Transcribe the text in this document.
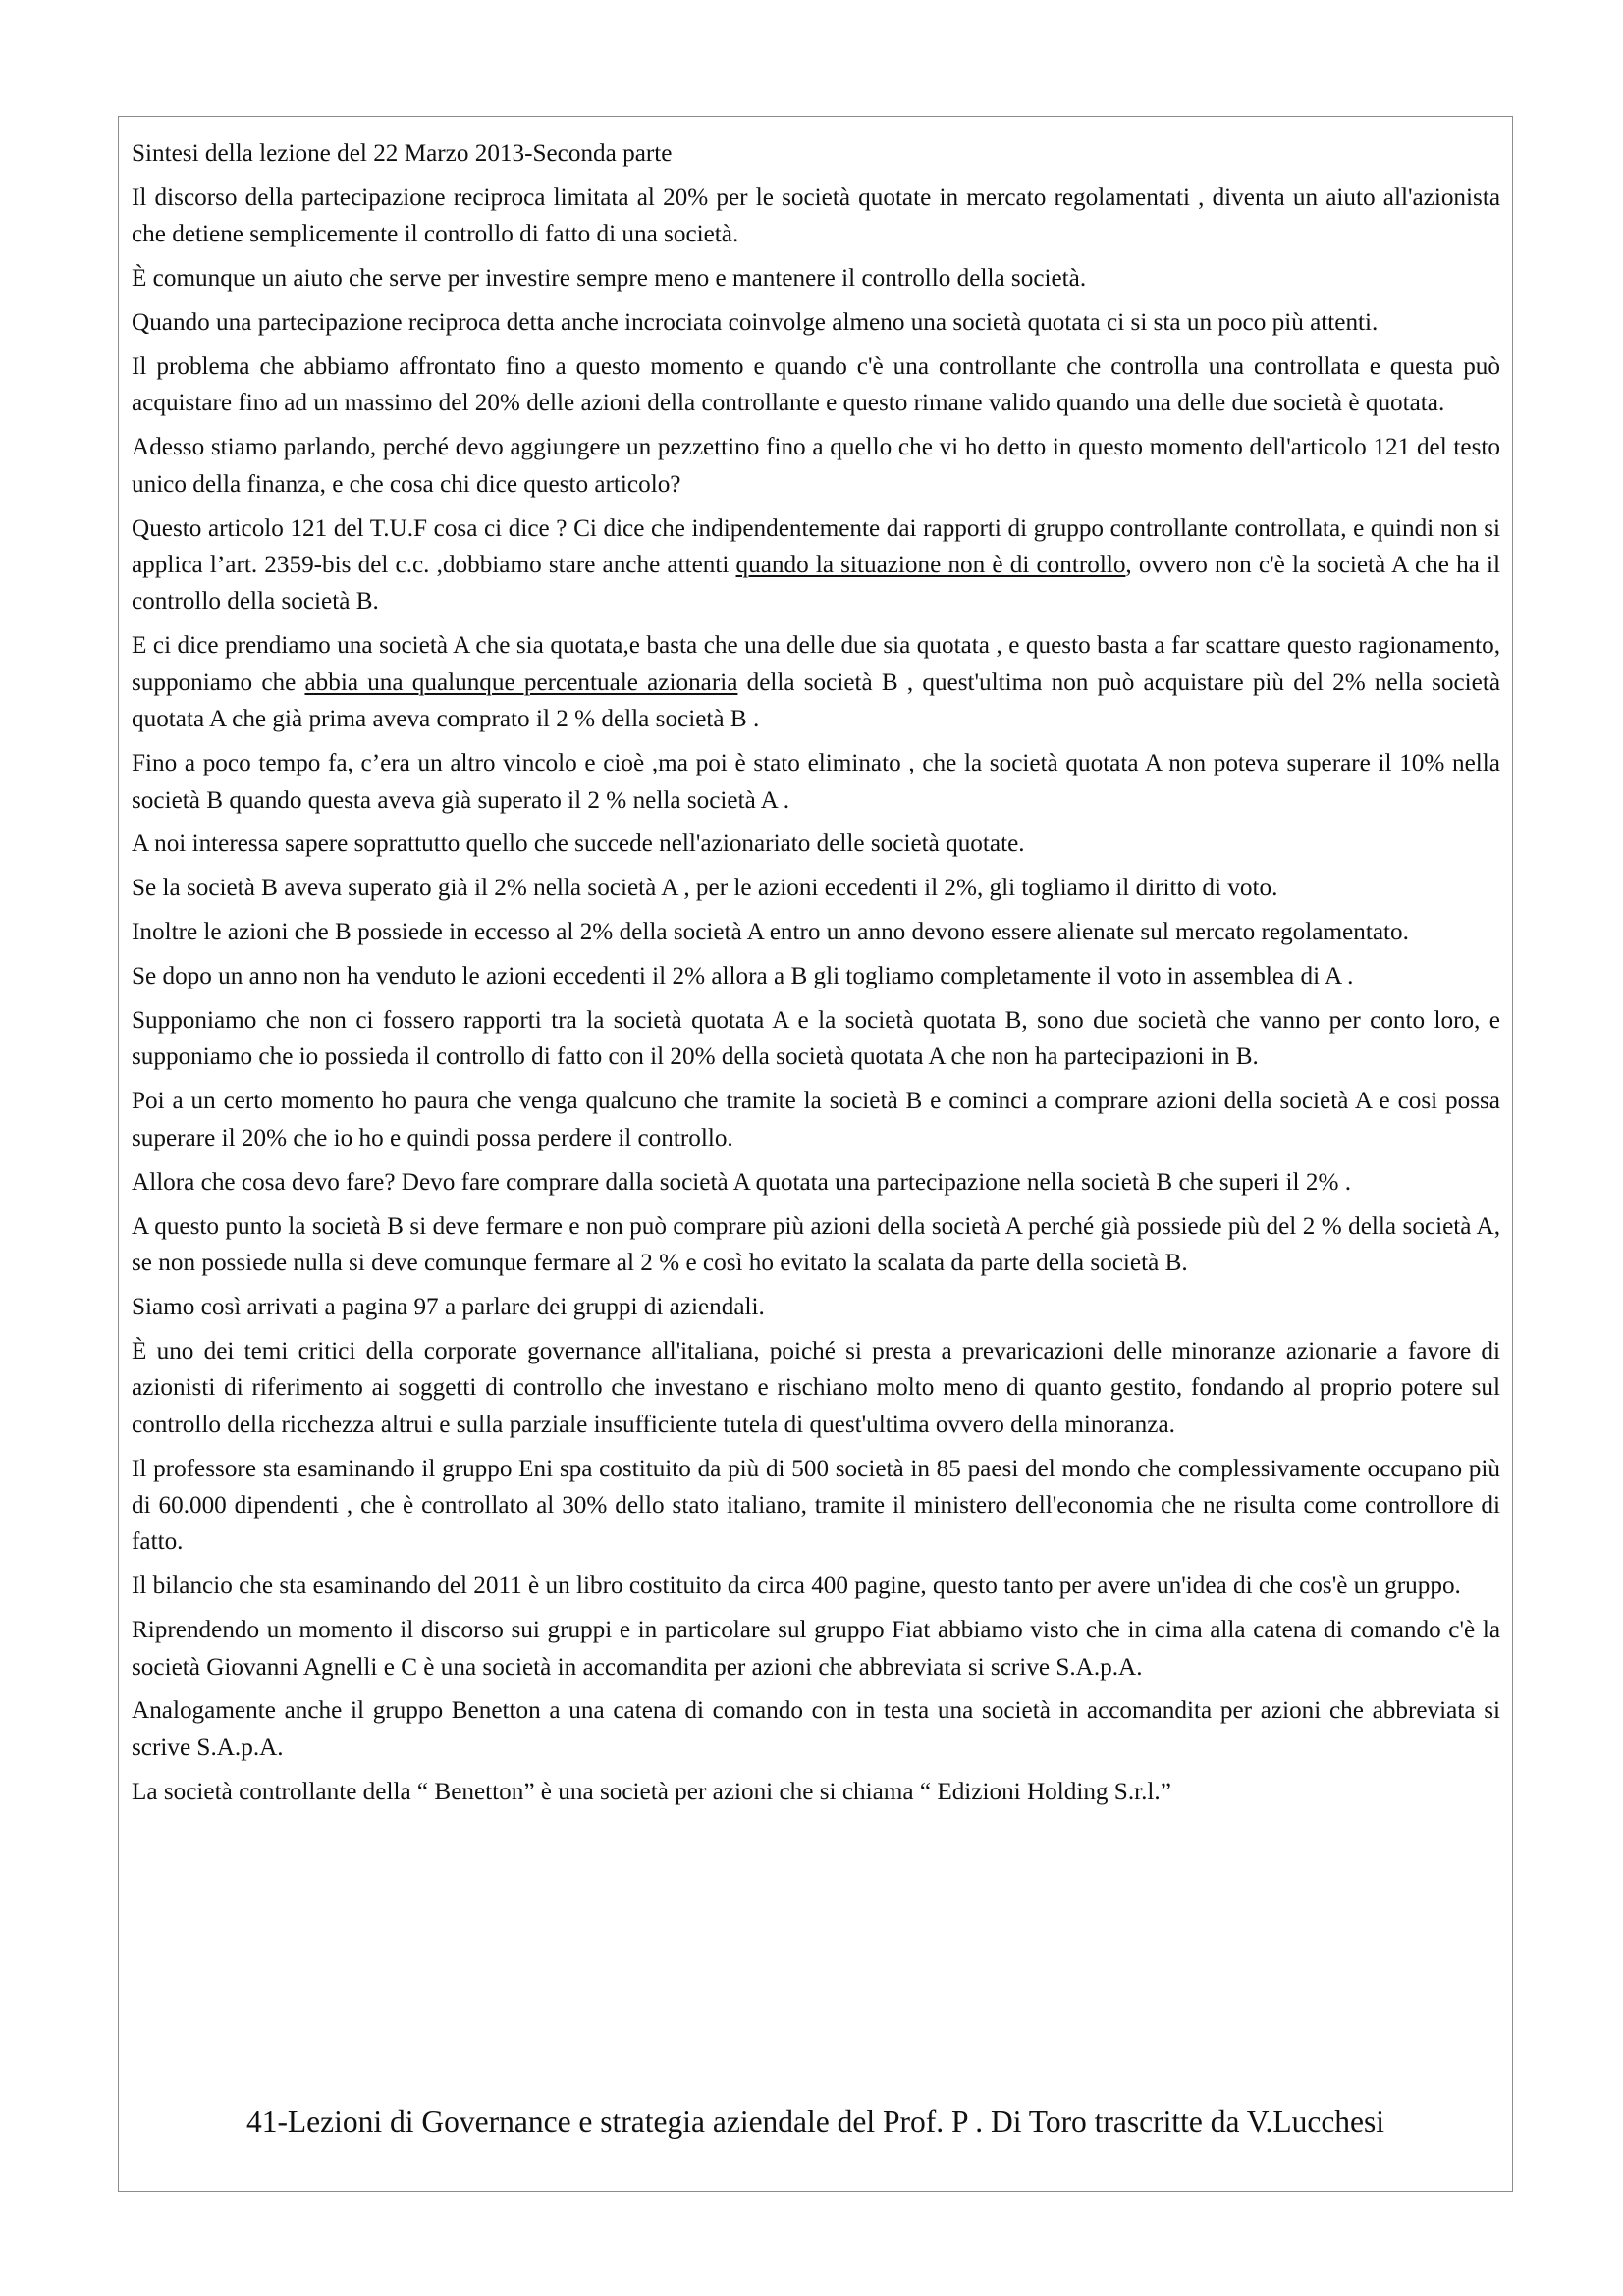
Sintesi della lezione del 22 Marzo 2013-Seconda parte

Il discorso della partecipazione reciproca limitata al 20% per le società quotate in mercato regolamentati , diventa un aiuto all'azionista che detiene semplicemente il controllo di fatto di una società.

È comunque un aiuto che serve per investire sempre meno e mantenere il controllo della società.

Quando una partecipazione reciproca detta anche incrociata coinvolge almeno una società quotata ci si sta un poco più attenti.

Il problema che abbiamo affrontato fino a questo momento e quando c'è una controllante che controlla una controllata e questa può acquistare fino ad un massimo del 20% delle azioni della controllante e questo rimane valido quando una delle due società è quotata.

Adesso stiamo parlando, perché devo aggiungere un pezzettino fino a quello che vi ho detto in questo momento dell'articolo 121 del testo unico della finanza, e che cosa chi dice questo articolo?

Questo articolo 121 del T.U.F cosa ci dice ? Ci dice che indipendentemente dai rapporti di gruppo controllante controllata, e quindi non si applica l’art. 2359-bis del c.c. ,dobbiamo stare anche attenti quando la situazione non è di controllo, ovvero non c'è la società A che ha il controllo della società B.

E ci dice prendiamo una società A che sia quotata,e basta che una delle due sia quotata , e questo basta a far scattare questo ragionamento, supponiamo che abbia una qualunque percentuale azionaria della società B , quest'ultima non può acquistare più del 2% nella società quotata A che già prima aveva comprato il 2 % della società B .

Fino a poco tempo fa, c’era un altro vincolo e cioè ,ma poi è stato eliminato , che la società quotata A non poteva superare il 10% nella società B quando questa aveva già superato il 2 % nella società A .

A noi interessa sapere soprattutto quello che succede nell'azionariato delle società quotate.

Se la società B aveva superato già il 2% nella società A , per le azioni eccedenti il 2%, gli togliamo il diritto di voto.

Inoltre le azioni che B possiede in eccesso al 2% della società A entro un anno devono essere alienate sul mercato regolamentato.

Se dopo un anno non ha venduto le azioni eccedenti il 2% allora a B gli togliamo completamente il voto in assemblea di A .

Supponiamo che non ci fossero rapporti tra la società quotata A e la società quotata B, sono due società che vanno per conto loro, e supponiamo che io possieda il controllo di fatto con il 20% della società quotata A che non ha partecipazioni in B.

Poi a un certo momento ho paura che venga qualcuno che tramite la società B e cominci a comprare azioni della società A e cosi possa superare il 20% che io ho e quindi possa perdere il controllo.

Allora che cosa devo fare? Devo fare comprare dalla società A quotata una partecipazione nella società B che superi il 2% .

A questo punto la società B si deve fermare e non può comprare più azioni della società A perché già possiede più del 2 % della società A, se non possiede nulla si deve comunque fermare al 2 % e così ho evitato la scalata da parte della società B.

Siamo così arrivati a pagina 97 a parlare dei gruppi di aziendali.

È uno dei temi critici della corporate governance all'italiana, poiché si presta a prevaricazioni delle minoranze azionarie a favore di azionisti di riferimento ai soggetti di controllo che investano e rischiano molto meno di quanto gestito, fondando al proprio potere sul controllo della ricchezza altrui e sulla parziale insufficiente tutela di quest'ultima ovvero della minoranza.

Il professore sta esaminando il gruppo Eni spa costituito da più di 500 società in 85 paesi del mondo che complessivamente occupano più di 60.000 dipendenti , che è controllato al 30% dello stato italiano, tramite il ministero dell'economia che ne risulta come controllore di fatto.

Il bilancio che sta esaminando del 2011 è un libro costituito da circa 400 pagine, questo tanto per avere un'idea di che cos'è un gruppo.

Riprendendo un momento il discorso sui gruppi e in particolare sul gruppo Fiat abbiamo visto che in cima alla catena di comando c'è la società Giovanni Agnelli e C è una società in accomandita per azioni che abbreviata si scrive S.A.p.A.

Analogamente anche il gruppo Benetton a una catena di comando con in testa una società in accomandita per azioni che abbreviata si scrive S.A.p.A.

La società controllante della “ Benetton” è una società per azioni che si chiama “ Edizioni Holding S.r.l.”

41-Lezioni di Governance e strategia aziendale del Prof. P . Di Toro trascritte da V.Lucchesi
